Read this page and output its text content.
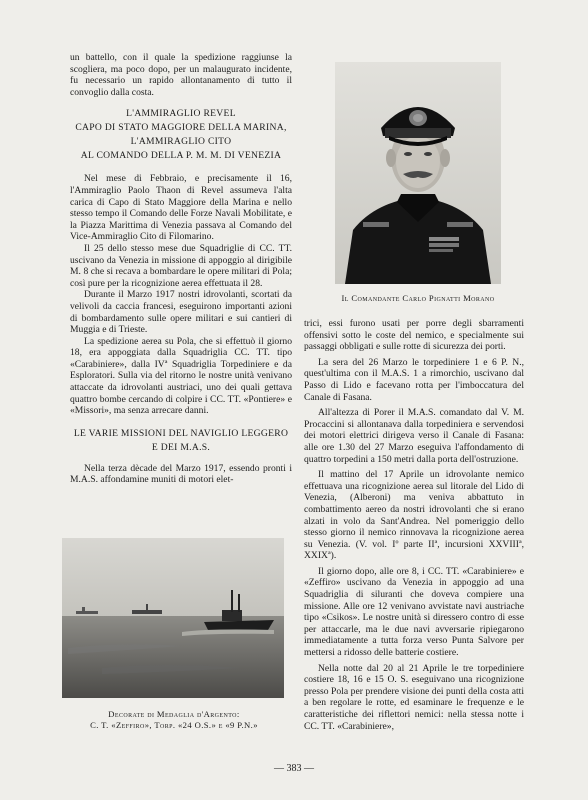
un battello, con il quale la spedizione raggiunse la scogliera, ma poco dopo, per un malaugurato incidente, fu necessario un rapido allontanamento di tutto il convoglio dalla costa.

L'AMMIRAGLIO REVEL
CAPO DI STATO MAGGIORE DELLA MARINA,
L'AMMIRAGLIO CITO
AL COMANDO DELLA P. M. M. DI VENEZIA

Nel mese di Febbraio, e precisamente il 16, l'Ammiraglio Paolo Thaon di Revel assumeva l'alta carica di Capo di Stato Maggiore della Marina e nello stesso tempo il Comando delle Forze Navali Mobilitate, e la Piazza Marittima di Venezia passava al Comando del Vice-Ammiraglio Cito di Filomarino.

Il 25 dello stesso mese due Squadriglie di CC. TT. uscivano da Venezia in missione di appoggio al dirigibile M. 8 che si recava a bombardare le opere militari di Pola; così pure per la ricognizione aerea effettuata il 28.

Durante il Marzo 1917 nostri idrovolanti, scortati da velivoli da caccia francesi, eseguirono importanti azioni di bombardamento sulle opere militari e sui cantieri di Muggia e di Trieste.

La spedizione aerea su Pola, che si effettuò il giorno 18, era appoggiata dalla Squadriglia CC. TT. tipo «Carabiniere», dalla IVª Squadriglia Torpediniere e da Esploratori. Sulla via del ritorno le nostre unità venivano attaccate da idrovolanti austriaci, uno dei quali gettava quattro bombe cercando di colpire i CC. TT. «Pontiere» e «Missori», ma senza arrecare danni.

LE VARIE MISSIONI DEL NAVIGLIO LEGGERO
E DEI M.A.S.

Nella terza dècade del Marzo 1917, essendo pronti i M.A.S. affondamine muniti di motori elet-

Il Comandante Carlo Pignatti Morano

trici, essi furono usati per porre degli sbarramenti offensivi sotto le coste del nemico, e specialmente sui passaggi obbligati e sulle rotte di sicurezza dei porti.

La sera del 26 Marzo le torpediniere 1 e 6 P. N., quest'ultima con il M.A.S. 1 a rimorchio, uscivano dal Passo di Lido e facevano rotta per l'imboccatura del Canale di Fasana.

All'altezza di Porer il M.A.S. comandato dal V. M. Procaccini si allontanava dalla torpediniera e servendosi dei motori elettrici dirigeva verso il Canale di Fasana: alle ore 1.30 del 27 Marzo eseguiva l'affondamento di quattro torpedini a 150 metri dalla porta dell'ostruzione.

Il mattino del 17 Aprile un idrovolante nemico effettuava una ricognizione aerea sul litorale del Lido di Venezia, (Alberoni) ma veniva abbattuto in combattimento aereo da nostri idrovolanti che si erano alzati in volo da Sant'Andrea. Nel pomeriggio dello stesso giorno il nemico rinnovava la ricognizione aerea su Venezia. (V. vol. Iº parte IIª, incursioni XXVIIIª, XXIXª).

Il giorno dopo, alle ore 8, i CC. TT. «Carabiniere» e «Zeffiro» uscivano da Venezia in appoggio ad una Squadriglia di siluranti che doveva compiere una missione. Alle ore 12 venivano avvistate navi austriache tipo «Csikos». Le nostre unità si diressero contro di esse per attaccarle, ma le due navi avversarie ripiegarono immediatamente a tutta forza verso Punta Salvore per mettersi a ridosso delle batterie costiere.

Nella notte dal 20 al 21 Aprile le tre torpediniere costiere 18, 16 e 15 O. S. eseguivano una ricognizione presso Pola per prendere visione dei punti della costa atti a ben regolare le rotte, ed esaminare le frequenze e le caratteristiche dei riflettori nemici: nella stessa notte i CC. TT. «Carabiniere»,

Decorate di Medaglia d'Argento:
C. T. «Zeffiro», Torp. «24 O.S.» e «9 P.N.»
— 383 —
